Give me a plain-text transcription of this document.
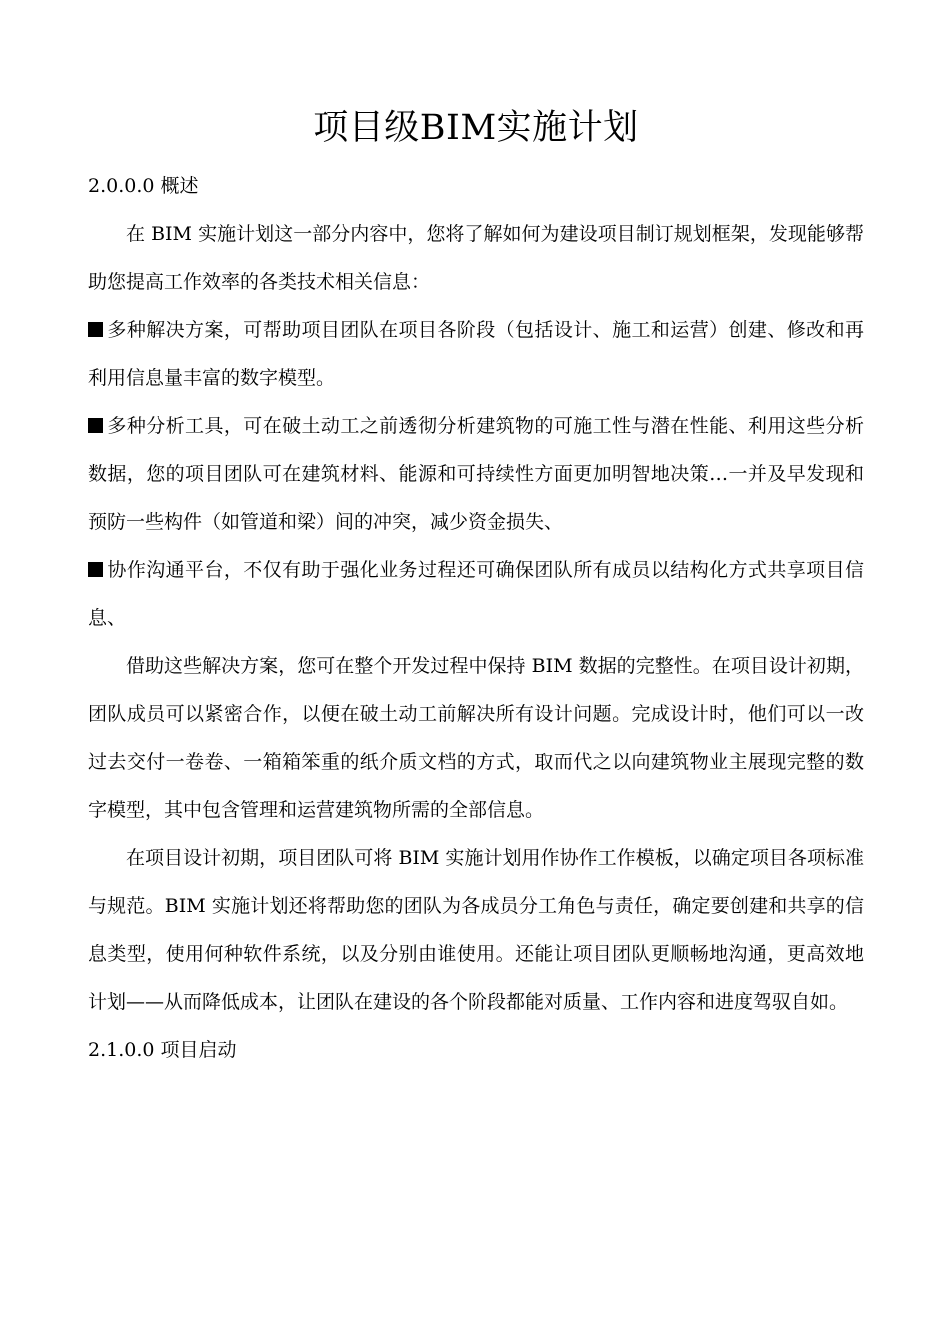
项目级BIM实施计划

2.0.0.0 概述

在 BIM 实施计划这一部分内容中，您将了解如何为建设项目制订规划框架，发现能够帮助您提高工作效率的各类技术相关信息：

多种解决方案，可帮助项目团队在项目各阶段（包括设计、施工和运营）创建、修改和再利用信息量丰富的数字模型。

多种分析工具，可在破土动工之前透彻分析建筑物的可施工性与潜在性能、利用这些分析数据，您的项目团队可在建筑材料、能源和可持续性方面更加明智地决策…一并及早发现和预防一些构件（如管道和梁）间的冲突，减少资金损失、

协作沟通平台，不仅有助于强化业务过程还可确保团队所有成员以结构化方式共享项目信息、

借助这些解决方案，您可在整个开发过程中保持 BIM 数据的完整性。在项目设计初期，团队成员可以紧密合作，以便在破土动工前解决所有设计问题。完成设计时，他们可以一改过去交付一卷卷、一箱箱笨重的纸介质文档的方式，取而代之以向建筑物业主展现完整的数字模型，其中包含管理和运营建筑物所需的全部信息。

在项目设计初期，项目团队可将 BIM 实施计划用作协作工作模板，以确定项目各项标准与规范。BIM 实施计划还将帮助您的团队为各成员分工角色与责任，确定要创建和共享的信息类型，使用何种软件系统，以及分别由谁使用。还能让项目团队更顺畅地沟通，更高效地计划——从而降低成本，让团队在建设的各个阶段都能对质量、工作内容和进度驾驭自如。

2.1.0.0 项目启动
